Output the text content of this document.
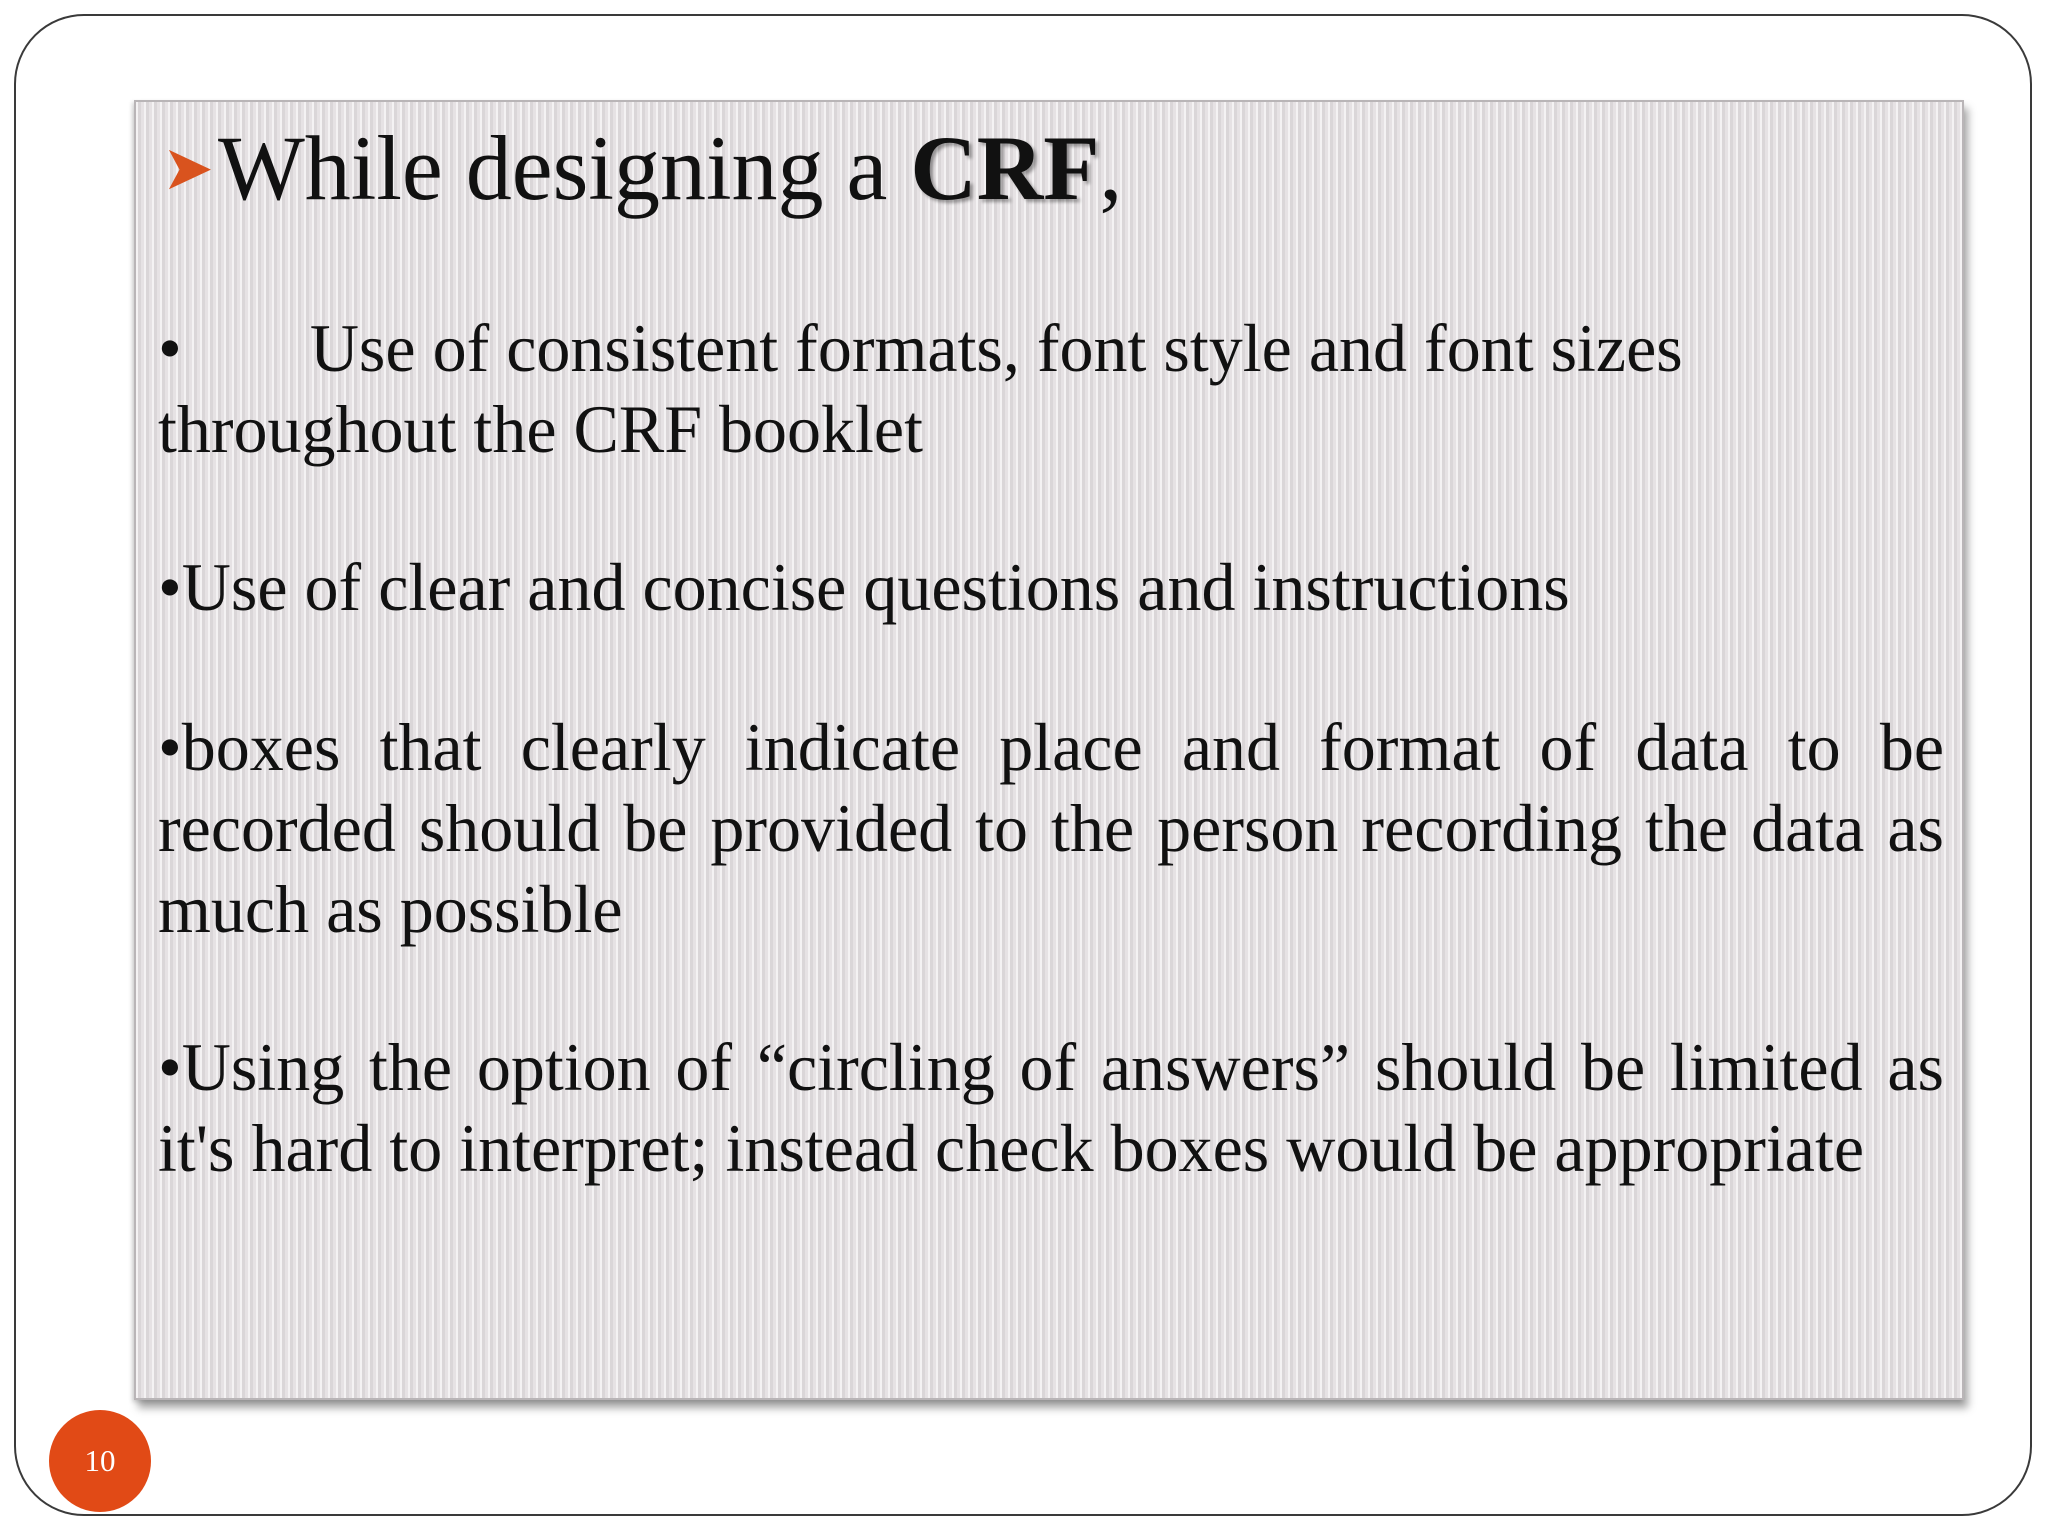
➤While designing a CRF,
• Use of consistent formats, font style and font sizes throughout the CRF booklet
•Use of clear and concise questions and instructions
•boxes that clearly indicate place and format of data to be recorded should be provided to the person recording the data as much as possible
•Using the option of “circling of answers” should be limited as it's hard to interpret; instead check boxes would be appropriate
10
